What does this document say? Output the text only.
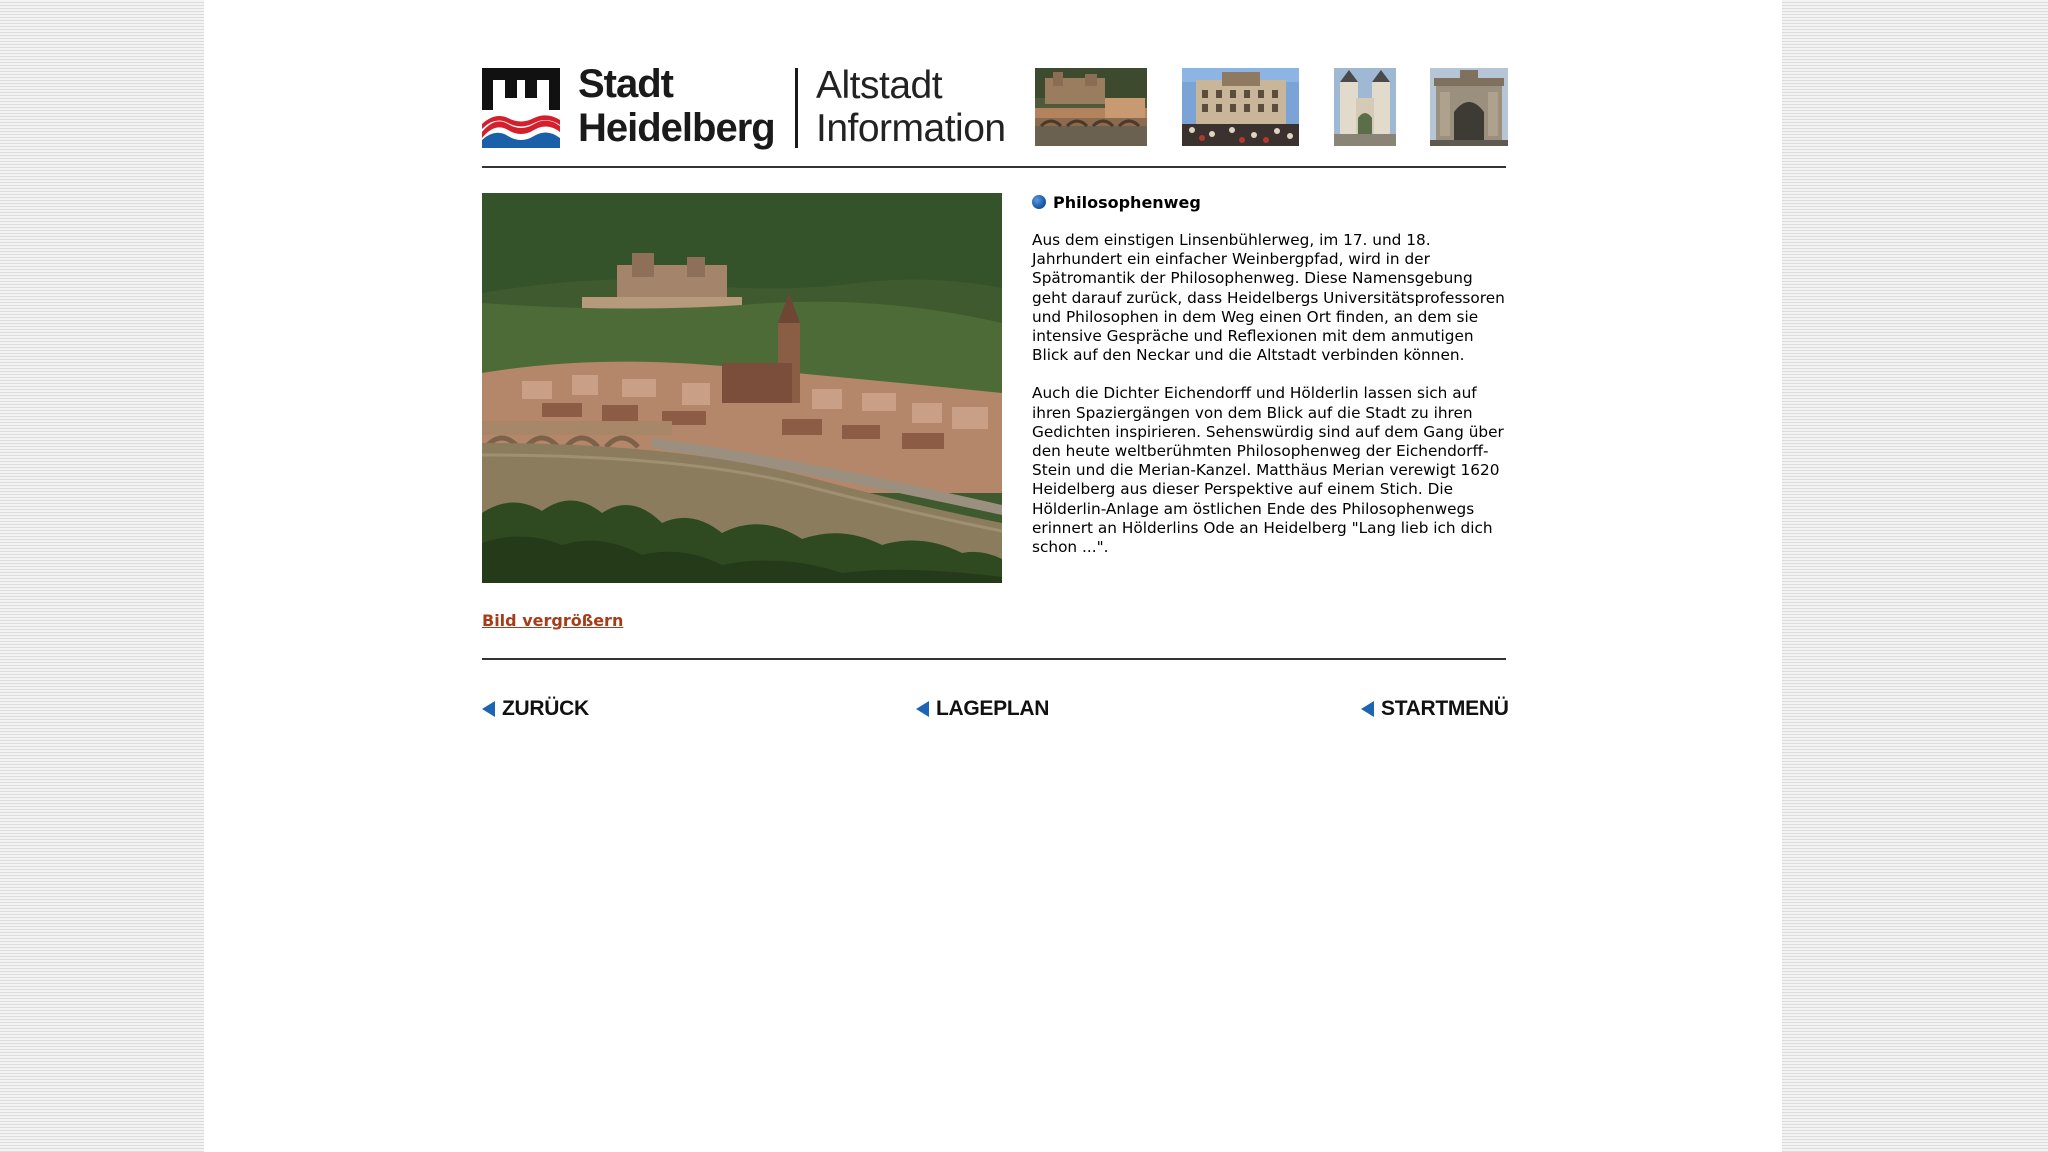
Stadt
Heidelberg
Altstadt
Information
Philosophenweg

Aus dem einstigen Linsenbühlerweg, im 17. und 18. Jahrhundert ein einfacher Weinbergpfad, wird in der Spätromantik der Philosophenweg. Diese Namensgebung geht darauf zurück, dass Heidelbergs Universitätsprofessoren und Philosophen in dem Weg einen Ort finden, an dem sie intensive Gespräche und Reflexionen mit dem anmutigen Blick auf den Neckar und die Altstadt verbinden können.

Auch die Dichter Eichendorff und Hölderlin lassen sich auf ihren Spaziergängen von dem Blick auf die Stadt zu ihren Gedichten inspirieren. Sehenswürdig sind auf dem Gang über den heute weltberühmten Philosophenweg der Eichendorff-Stein und die Merian-Kanzel. Matthäus Merian verewigt 1620 Heidelberg aus dieser Perspektive auf einem Stich. Die Hölderlin-Anlage am östlichen Ende des Philosophenwegs erinnert an Hölderlins Ode an Heidelberg "Lang lieb ich dich schon ...".

Bild vergrößern
ZURÜCK	LAGEPLAN	STARTMENÜ
